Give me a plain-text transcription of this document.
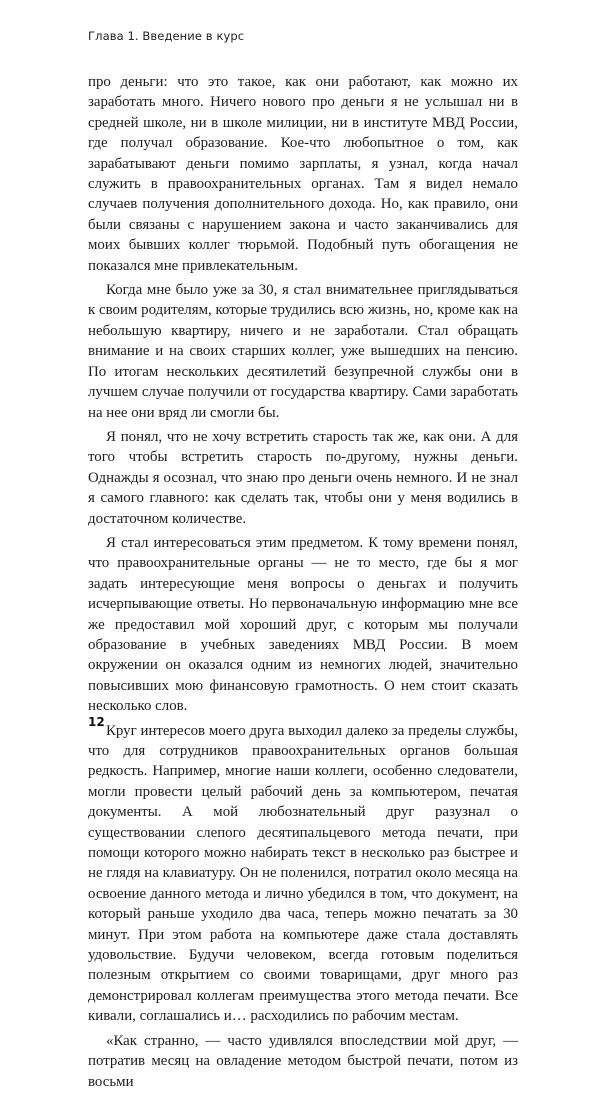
Глава 1. Введение в курс

про деньги: что это такое, как они работают, как можно их заработать много. Ничего нового про деньги я не услышал ни в средней школе, ни в школе милиции, ни в институте МВД России, где получал образование. Кое-что любопытное о том, как зарабатывают деньги помимо зарплаты, я узнал, когда начал служить в правоохранительных органах. Там я видел немало случаев получения дополнительного дохода. Но, как правило, они были связаны с нарушением закона и часто заканчивались для моих бывших коллег тюрьмой. Подобный путь обогащения не показался мне привлекательным.

Когда мне было уже за 30, я стал внимательнее приглядываться к своим родителям, которые трудились всю жизнь, но, кроме как на небольшую квартиру, ничего и не заработали. Стал обращать внимание и на своих старших коллег, уже вышедших на пенсию. По итогам нескольких десятилетий безупречной службы они в лучшем случае получили от государства квартиру. Сами заработать на нее они вряд ли смогли бы.

Я понял, что не хочу встретить старость так же, как они. А для того чтобы встретить старость по-другому, нужны деньги. Однажды я осознал, что знаю про деньги очень немного. И не знал я самого главного: как сделать так, чтобы они у меня водились в достаточном количестве.

Я стал интересоваться этим предметом. К тому времени понял, что правоохранительные органы — не то место, где бы я мог задать интересующие меня вопросы о деньгах и получить исчерпывающие ответы. Но первоначальную информацию мне все же предоставил мой хороший друг, с которым мы получали образование в учебных заведениях МВД России. В моем окружении он оказался одним из немногих людей, значительно повысивших мою финансовую грамотность. О нем стоит сказать несколько слов.

Круг интересов моего друга выходил далеко за пределы службы, что для сотрудников правоохранительных органов большая редкость. Например, многие наши коллеги, особенно следователи, могли провести целый рабочий день за компьютером, печатая документы. А мой любознательный друг разузнал о существовании слепого десятипальцевого метода печати, при помощи которого можно набирать текст в несколько раз быстрее и не глядя на клавиатуру. Он не поленился, потратил около месяца на освоение данного метода и лично убедился в том, что документ, на который раньше уходило два часа, теперь можно печатать за 30 минут. При этом работа на компьютере даже стала доставлять удовольствие. Будучи человеком, всегда готовым поделиться полезным открытием со своими товарищами, друг много раз демонстрировал коллегам преимущества этого метода печати. Все кивали, соглашались и… расходились по рабочим местам.

«Как странно, — часто удивлялся впоследствии мой друг, — потратив месяц на овладение методом быстрой печати, потом из восьми

12
